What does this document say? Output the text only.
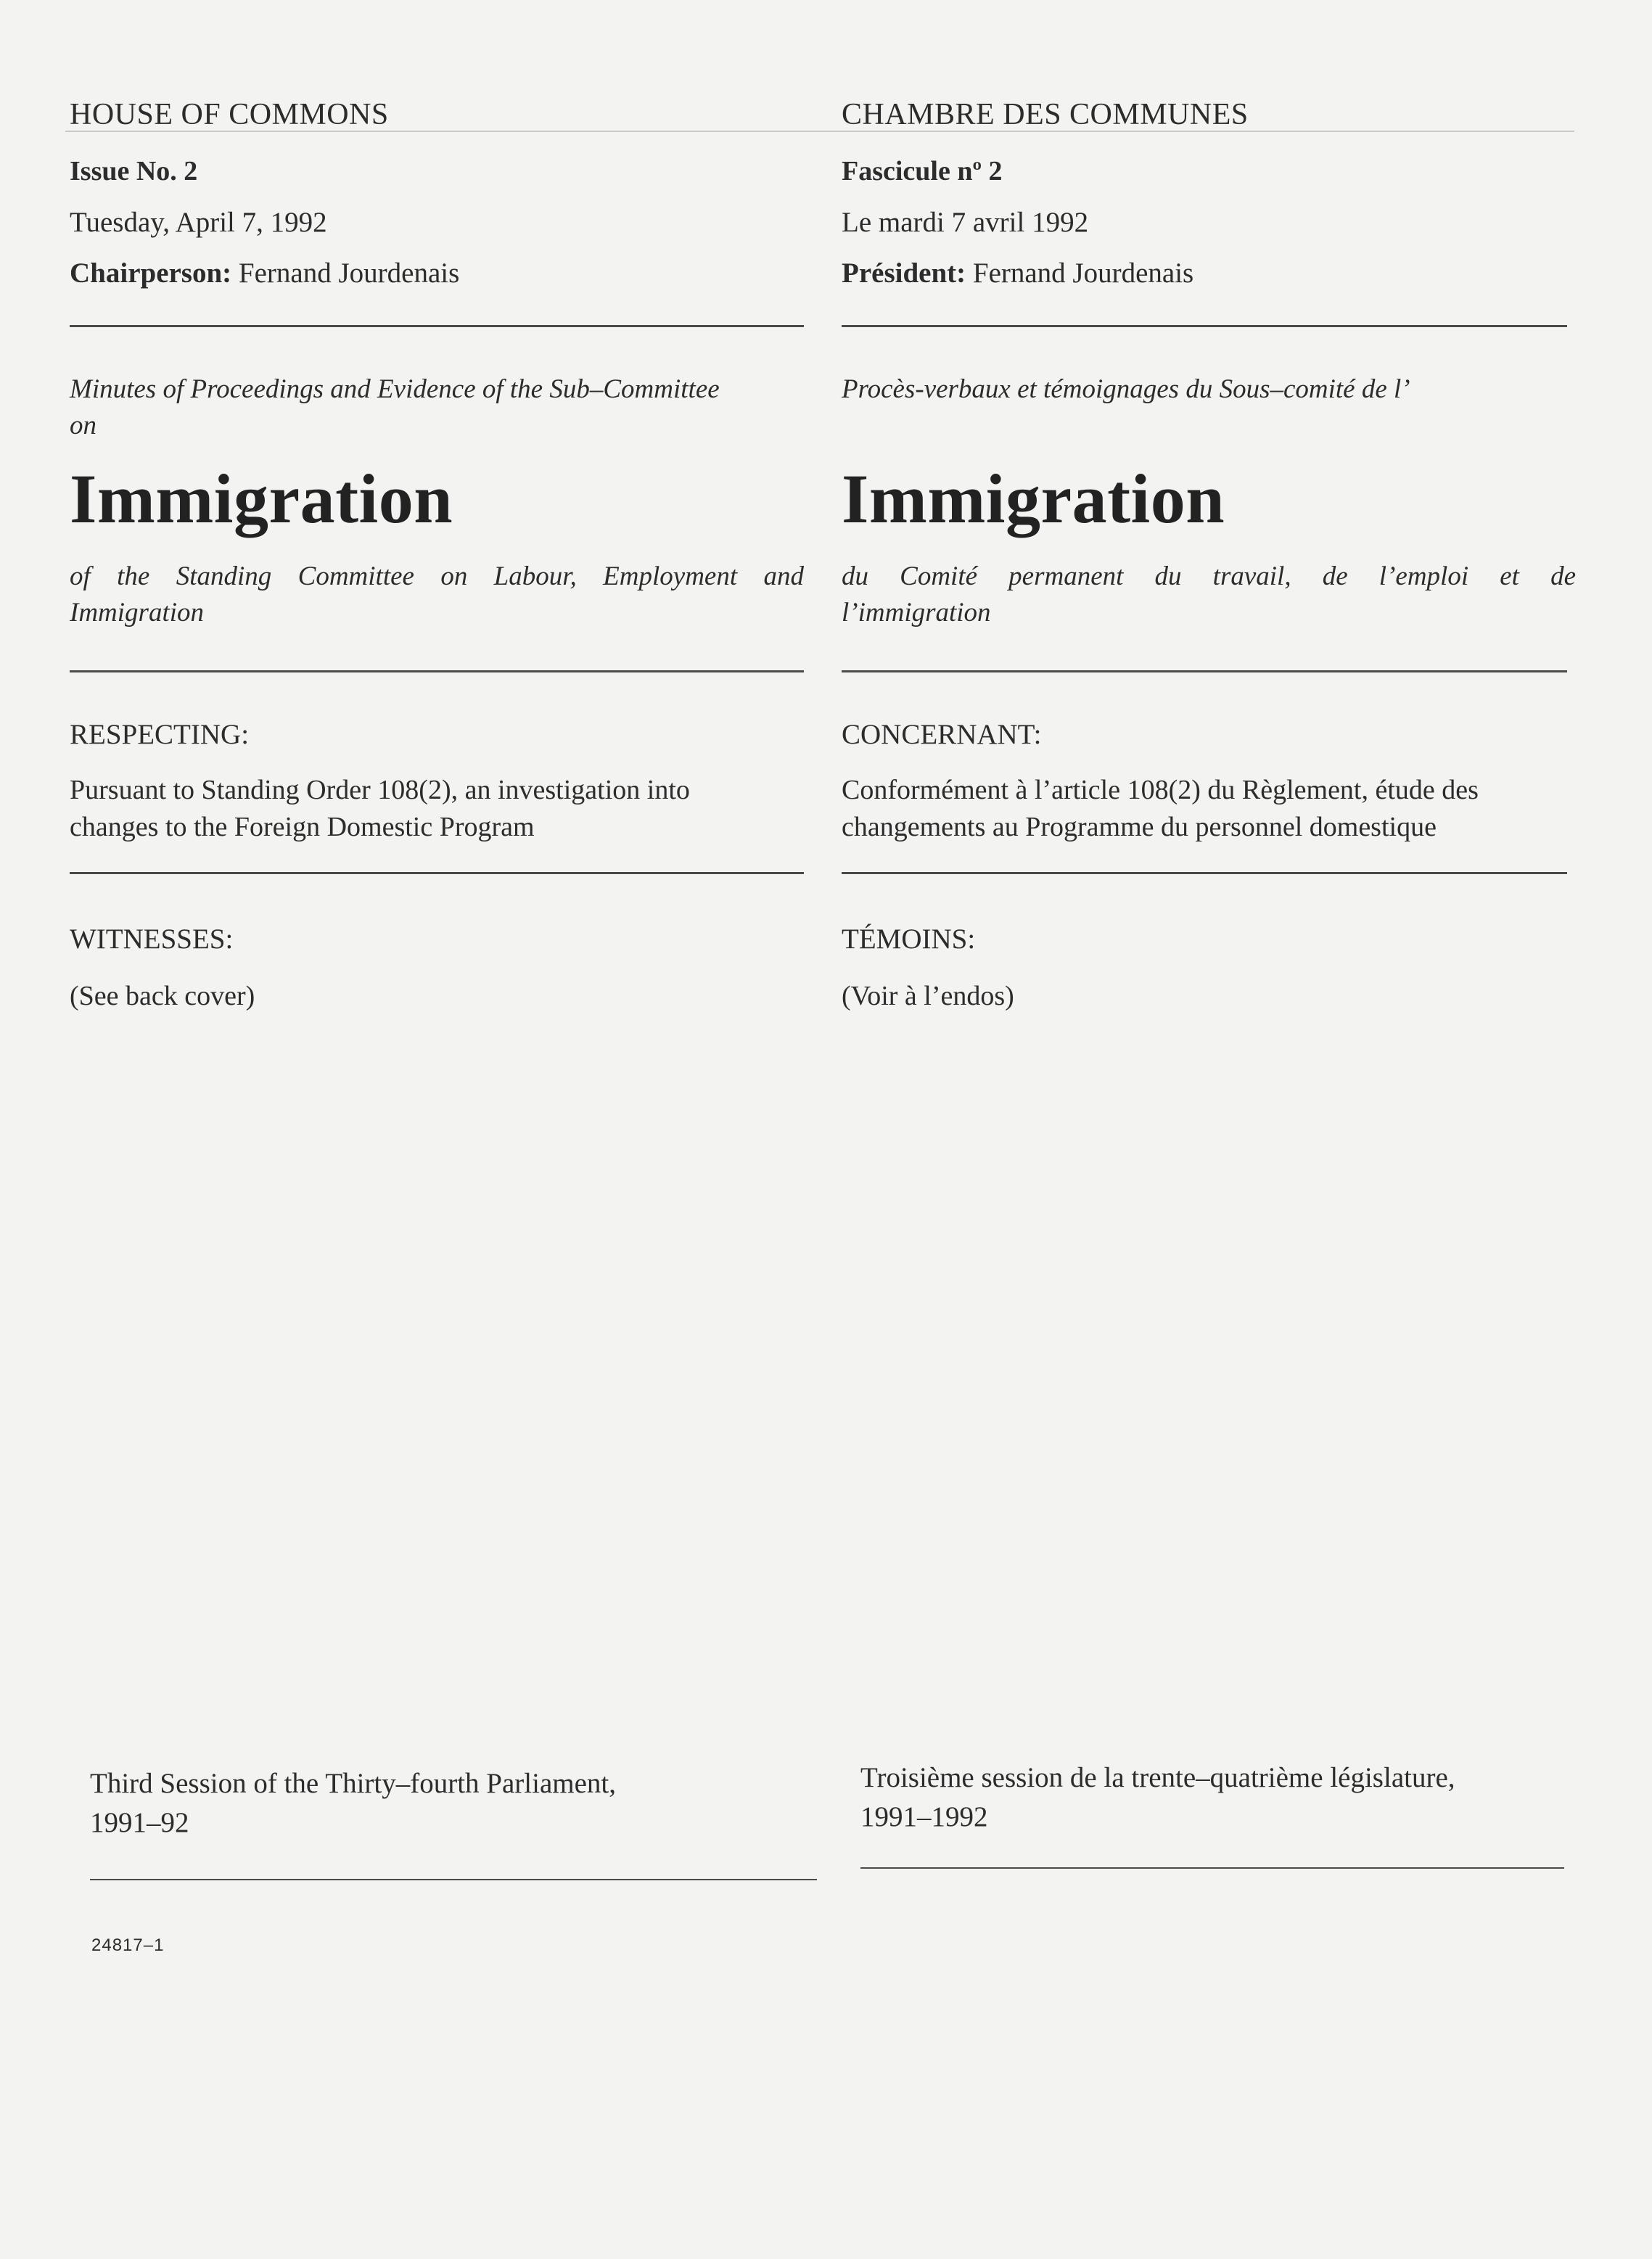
HOUSE OF COMMONS
Issue No. 2
Tuesday, April 7, 1992
Chairperson: Fernand Jourdenais
Minutes of Proceedings and Evidence of the Sub–Committee
on
Immigration
of the Standing Committee on Labour, Employment and
Immigration
RESPECTING:
Pursuant to Standing Order 108(2), an investigation into
changes to the Foreign Domestic Program
WITNESSES:
(See back cover)
CHAMBRE DES COMMUNES
Fascicule nº 2
Le mardi 7 avril 1992
Président: Fernand Jourdenais
Procès-verbaux et témoignages du Sous–comité de l’
Immigration
du Comité permanent du travail, de l’emploi et de
l’immigration
CONCERNANT:
Conformément à l’article 108(2) du Règlement, étude des
changements au Programme du personnel domestique
TÉMOINS:
(Voir à l’endos)
Third Session of the Thirty–fourth Parliament,
1991–92
Troisième session de la trente–quatrième législature,
1991–1992
24817–1
